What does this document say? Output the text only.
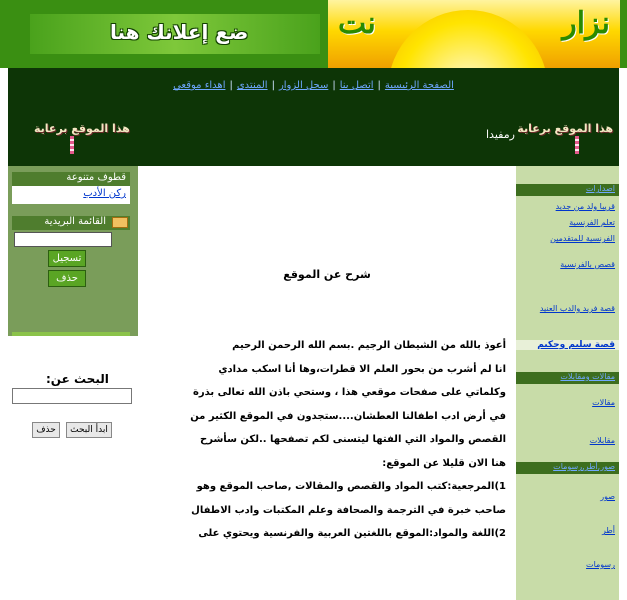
ضع إعلانك هنا	نت	نزار
الصفحة الرئيسية|اتصل بنا|سجل الزوار|المنتدى|اهداء موقعي
هذا الموقع برعاية	رمفيدا هذا الموقع برعاية
قطوف متنوعة
ركن الأدب
القائمة البريدية
تسجيل
حذف
البحث عن:
ابدأ البحث
حذف
شرح عن الموقع

أعوذ بالله من الشيطان الرجيم .بسم الله الرحمن الرحيم

انا لم أشرب من بحور العلم الا قطرات،وها أنا اسكب مدادي وكلماتي على صفحات موقعي هذا ، وستحي باذن الله تعالى بذرة في أرض ادب اطفالنا العطشان....ستجدون في الموقع الكثير من القصص والمواد التي الفتها ليتسنى لكم تصفحها ..لكن سأشرح هنا الان قليلا عن الموقع:

1)المرجعية:كتب المواد والقصص والمقالات ,صاحب الموقع وهو صاحب خبرة في الترجمة والصحافة وعلم المكتبات وادب الاطفال

2)اللغة والمواد:الموقع باللغتين العربية والفرنسية ويحتوي على

اصدارات
قريبا ولد من جديد
تعلم الفرنسية
الفرنسية للمتقدمين
قصص بالفرنسية
قصة فريد والدب العنيد
قصة سليم وحكيم
مقالات ومقابلات
مقالات
مقابلات
صور,أطر,رسومات
صور
أطر
رسومات
